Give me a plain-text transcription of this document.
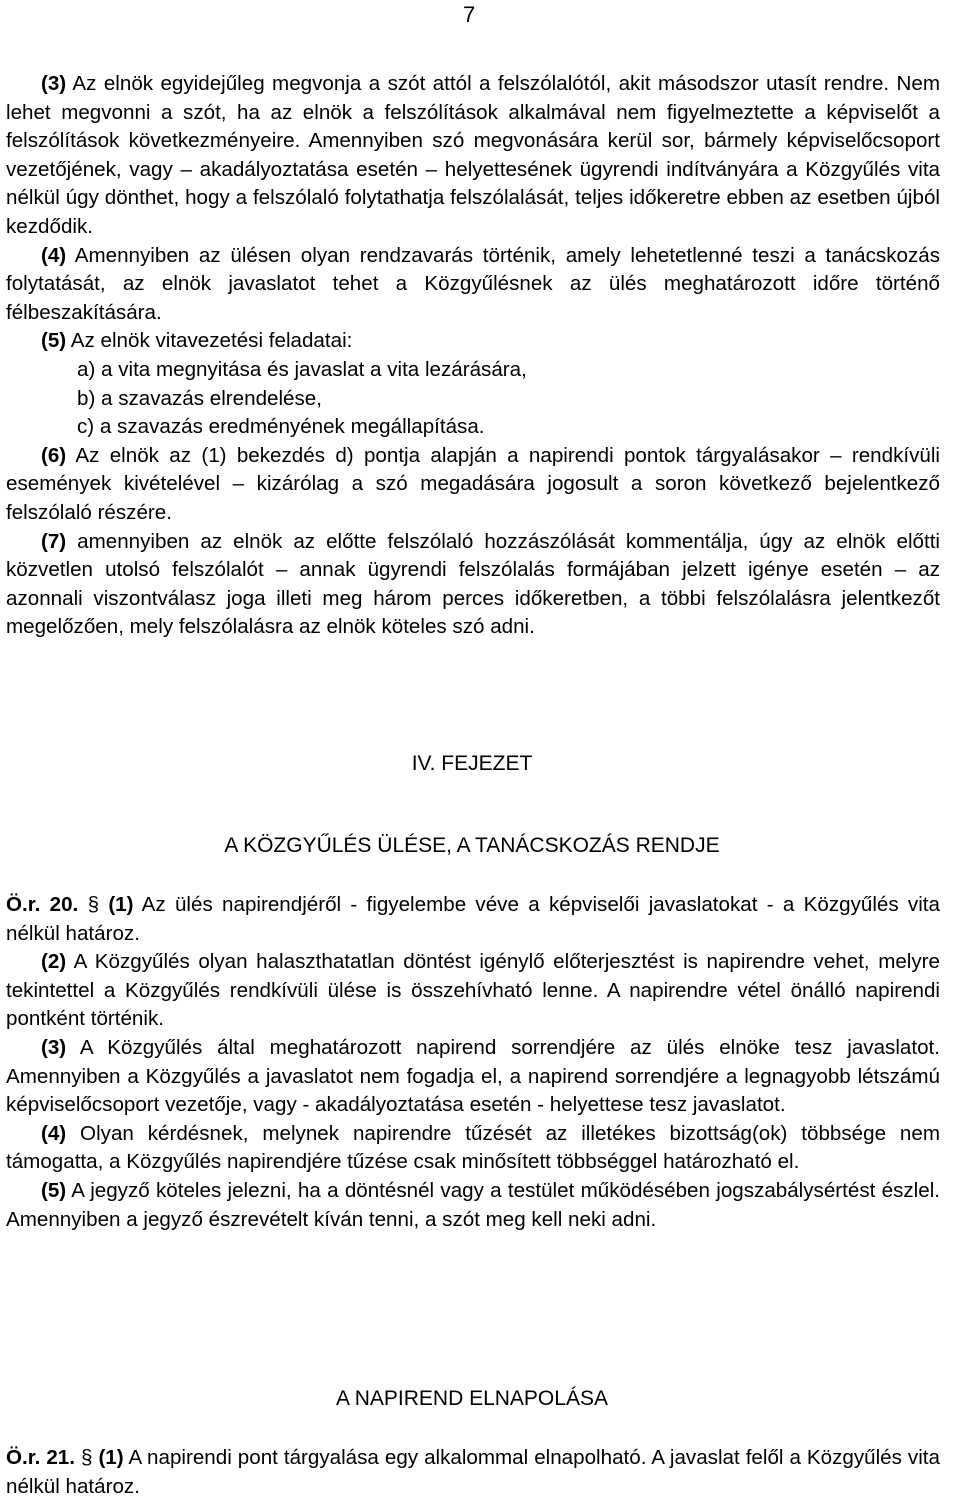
7

(3) Az elnök egyidejűleg megvonja a szót attól a felszólalótól, akit másodszor utasít rendre. Nem lehet megvonni a szót, ha az elnök a felszólítások alkalmával nem figyelmeztette a képviselőt a felszólítások következményeire. Amennyiben szó megvonására kerül sor, bármely képviselőcsoport vezetőjének, vagy – akadályoztatása esetén – helyettesének ügyrendi indítványára a Közgyűlés vita nélkül úgy dönthet, hogy a felszólaló folytathatja felszólalását, teljes időkeretre ebben az esetben újból kezdődik.

(4) Amennyiben az ülésen olyan rendzavarás történik, amely lehetetlenné teszi a tanácskozás folytatását, az elnök javaslatot tehet a Közgyűlésnek az ülés meghatározott időre történő félbeszakítására.

(5) Az elnök vitavezetési feladatai:

a) a vita megnyitása és javaslat a vita lezárására,
b) a szavazás elrendelése,
c) a szavazás eredményének megállapítása.

(6) Az elnök az (1) bekezdés d) pontja alapján a napirendi pontok tárgyalásakor – rendkívüli események kivételével – kizárólag a szó megadására jogosult a soron következő bejelentkező felszólaló részére.

(7) amennyiben az elnök az előtte felszólaló hozzászólását kommentálja, úgy az elnök előtti közvetlen utolsó felszólalót – annak ügyrendi felszólalás formájában jelzett igénye esetén – az azonnali viszontválasz joga illeti meg három perces időkeretben, a többi felszólalásra jelentkezőt megelőzően, mely felszólalásra az elnök köteles szó adni.

IV. FEJEZET
A KÖZGYŰLÉS ÜLÉSE, A TANÁCSKOZÁS RENDJE

Ö.r. 20. § (1) Az ülés napirendjéről - figyelembe véve a képviselői javaslatokat - a Közgyűlés vita nélkül határoz.

(2) A Közgyűlés olyan halaszthatatlan döntést igénylő előterjesztést is napirendre vehet, melyre tekintettel a Közgyűlés rendkívüli ülése is összehívható lenne. A napirendre vétel önálló napirendi pontként történik.

(3) A Közgyűlés által meghatározott napirend sorrendjére az ülés elnöke tesz javaslatot. Amennyiben a Közgyűlés a javaslatot nem fogadja el, a napirend sorrendjére a legnagyobb létszámú képviselőcsoport vezetője, vagy - akadályoztatása esetén - helyettese tesz javaslatot.

(4) Olyan kérdésnek, melynek napirendre tűzését az illetékes bizottság(ok) többsége nem támogatta, a Közgyűlés napirendjére tűzése csak minősített többséggel határozható el.

(5) A jegyző köteles jelezni, ha a döntésnél vagy a testület működésében jogszabálysértést észlel. Amennyiben a jegyző észrevételt kíván tenni, a szót meg kell neki adni.

A NAPIREND ELNAPOLÁSA

Ö.r. 21. § (1) A napirendi pont tárgyalása egy alkalommal elnapolható. A javaslat felől a Közgyűlés vita nélkül határoz.
